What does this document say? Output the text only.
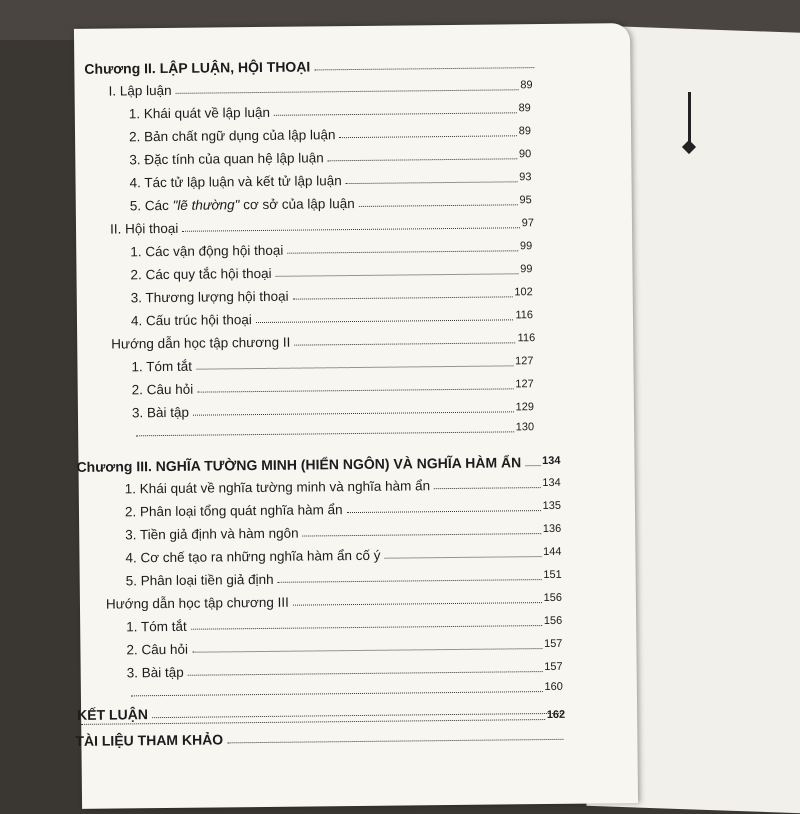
Chương II. LẬP LUẬN, HỘI THOẠI
I. Lập luận	89
1. Khái quát về lập luận	89
2. Bản chất ngữ dụng của lập luận	89
3. Đặc tính của quan hệ lập luận	90
4. Tác tử lập luận và kết tử lập luận	93
5. Các "lẽ thường" cơ sở của lập luận	95
II. Hội thoại	97
1. Các vận động hội thoại	99
2. Các quy tắc hội thoại	99
3. Thương lượng hội thoại	102
4. Cấu trúc hội thoại	116
Hướng dẫn học tập chương II	116
1. Tóm tắt	127
2. Câu hỏi	127
3. Bài tập	129
130
Chương III. NGHĨA TƯỜNG MINH (HIỂN NGÔN) VÀ NGHĨA HÀM ẨN 134
1. Khái quát về nghĩa tường minh và nghĩa hàm ẩn	134
2. Phân loại tổng quát nghĩa hàm ẩn	135
3. Tiền giả định và hàm ngôn	136
4. Cơ chế tạo ra những nghĩa hàm ẩn cố ý	144
5. Phân loại tiền giả định	151
Hướng dẫn học tập chương III	156
1. Tóm tắt	156
2. Câu hỏi	157
3. Bài tập	157
160
KẾT LUẬN	162
TÀI LIỆU THAM KHẢO
